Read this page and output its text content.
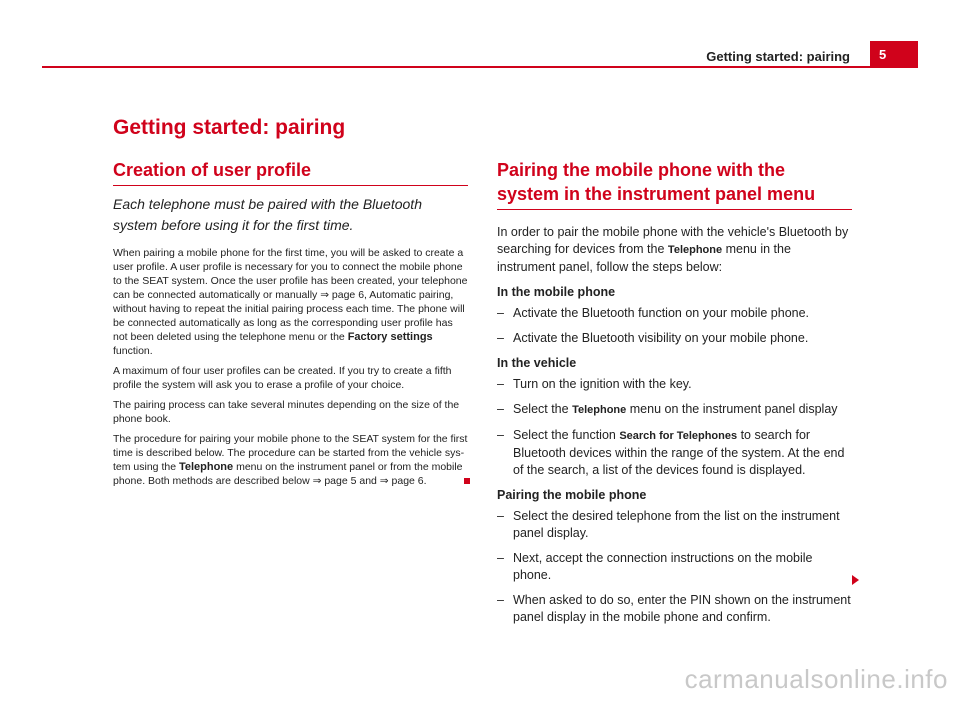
Getting started: pairing	5
Getting started: pairing
Creation of user profile
Each telephone must be paired with the Bluetooth system before using it for the first time.

When pairing a mobile phone for the first time, you will be asked to create a user profile. A user profile is necessary for you to connect the mobile phone to the SEAT system. Once the user profile has been created, your telephone can be connected automatically or manually ⇒ page 6, Automatic pairing, without having to repeat the initial pairing process each time. The phone will be connected automatically as long as the corresponding user profile has not been deleted using the telephone menu or the Factory settings function.

A maximum of four user profiles can be created. If you try to create a fifth profile the system will ask you to erase a profile of your choice.

The pairing process can take several minutes depending on the size of the phone book.

The procedure for pairing your mobile phone to the SEAT system for the first time is described below. The procedure can be started from the vehicle system using the Telephone menu on the instrument panel or from the mobile phone. Both methods are described below ⇒ page 5 and ⇒ page 6.

Pairing the mobile phone with the system in the instrument panel menu

In order to pair the mobile phone with the vehicle's Bluetooth by searching for devices from the Telephone menu in the instrument panel, follow the steps below:

In the mobile phone
– Activate the Bluetooth function on your mobile phone.
– Activate the Bluetooth visibility on your mobile phone.
In the vehicle
– Turn on the ignition with the key.
– Select the Telephone menu on the instrument panel display
– Select the function Search for Telephones to search for Bluetooth devices within the range of the system. At the end of the search, a list of the devices found is displayed.
Pairing the mobile phone
– Select the desired telephone from the list on the instrument panel display.
– Next, accept the connection instructions on the mobile phone.
– When asked to do so, enter the PIN shown on the instrument panel display in the mobile phone and confirm.
carmanualsonline.info
